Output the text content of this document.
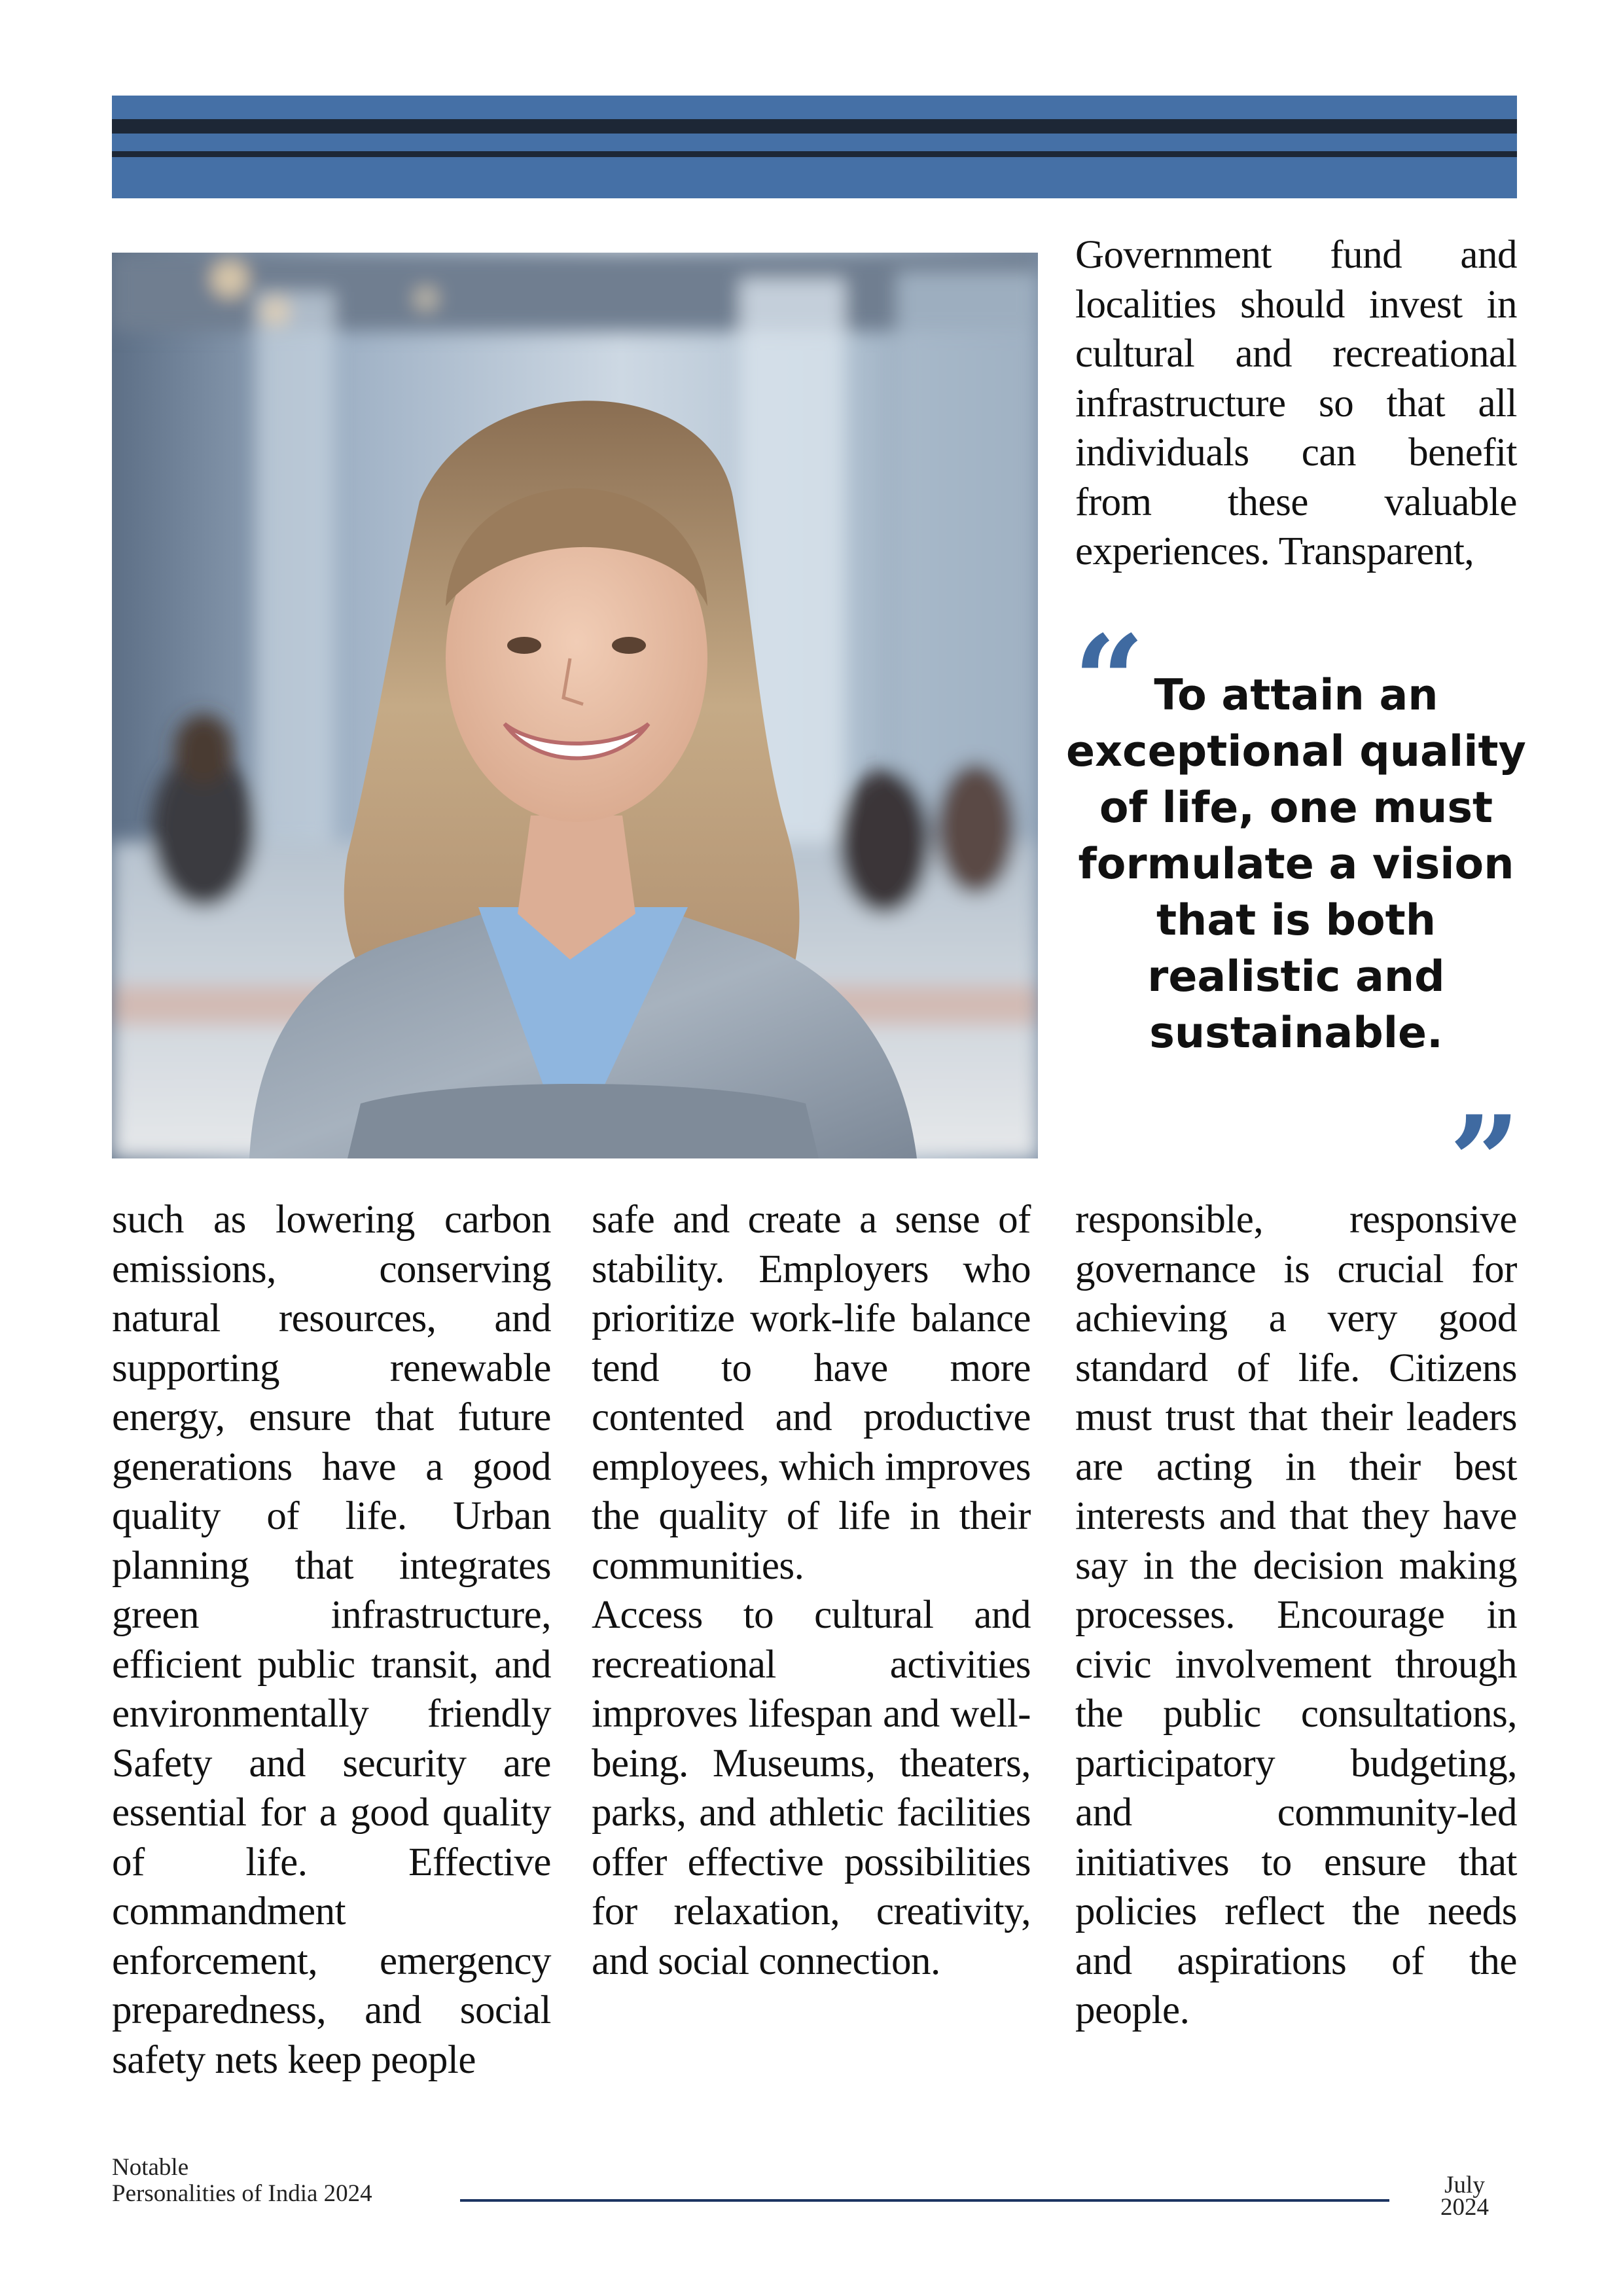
Government fund and localities should invest in cultural and recreational infrastructure so that all individuals can benefit from these valuable experiences. Transparent,

“ To attain an exceptional quality of life, one must formulate a vision that is both realistic and sustainable.
”

such as lowering carbon emissions, conserving natural resources, and supporting renewable energy, ensure that future generations have a good quality of life. Urban planning that integrates green infrastructure, efficient public transit, and environmentally friendly Safety and security are essential for a good quality of life. Effective commandment enforcement, emergency preparedness, and social safety nets keep people

safe and create a sense of stability. Employers who prioritize work-life balance tend to have more contented and productive employees, which improves the quality of life in their communities.

Access to cultural and recreational activities improves lifespan and well-being. Museums, theaters, parks, and athletic facilities offer effective possibilities for relaxation, creativity, and social connection.

responsible, responsive governance is crucial for achieving a very good standard of life. Citizens must trust that their leaders are acting in their best interests and that they have say in the decision making processes. Encourage in civic involvement through the public consultations, participatory budgeting, and community-led initiatives to ensure that policies reflect the needs and aspirations of the people.

Notable
Personalities of India 2024	July
2024
